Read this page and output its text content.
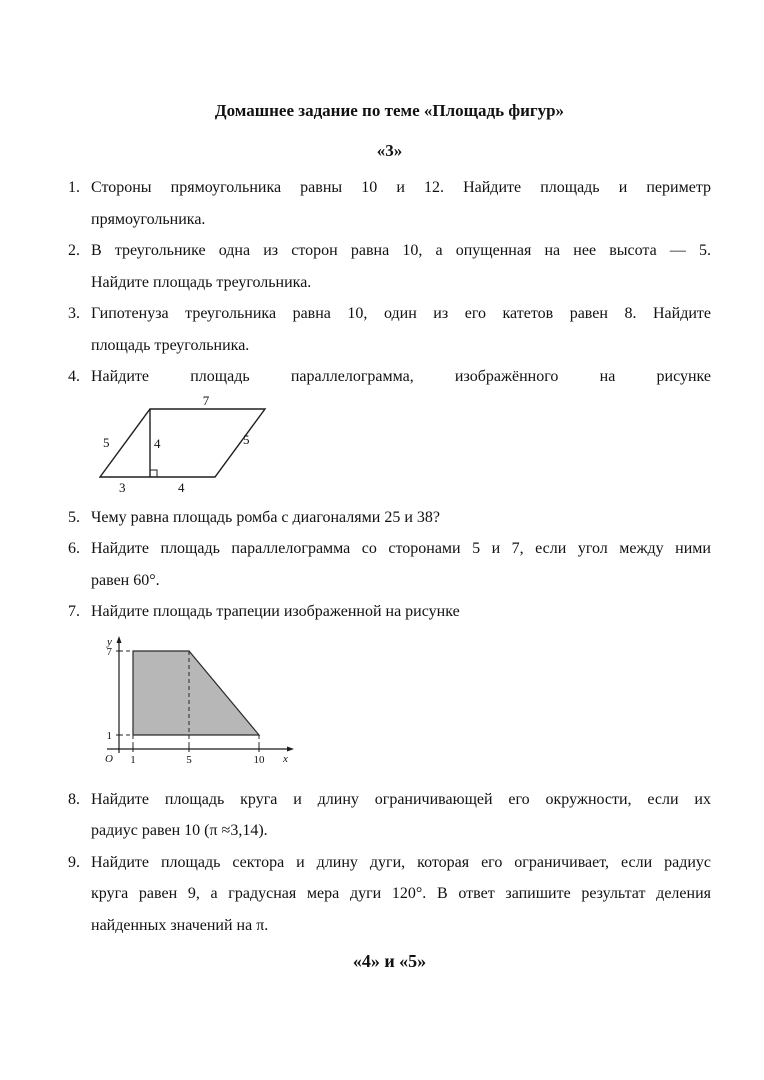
Домашнее задание по теме «Площадь фигур»
«3»
1. Стороны прямоугольника равны 10 и 12. Найдите площадь и периметр
прямоугольника.
2. В треугольнике одна из сторон равна 10, а опущенная на нее высота — 5.
Найдите площадь треугольника.
3. Гипотенуза треугольника равна 10, один из его катетов равен 8. Найдите
площадь треугольника.
4. Найдите площадь параллелограмма, изображённого на рисунке
7
5	4	5
3	4
5. Чему равна площадь ромба с диагоналями 25 и 38?
6. Найдите площадь параллелограмма со сторонами 5 и 7, если угол между ними
равен 60°.
7. Найдите площадь трапеции изображенной на рисунке
y
x
O
7
1
1	5	10
8. Найдите площадь круга и длину ограничивающей его окружности, если их
радиус равен 10 (π ≈3,14).
9. Найдите площадь сектора и длину дуги, которая его ограничивает, если радиус
круга равен 9, а градусная мера дуги 120°. В ответ запишите результат деления
найденных значений на π.
«4» и «5»
